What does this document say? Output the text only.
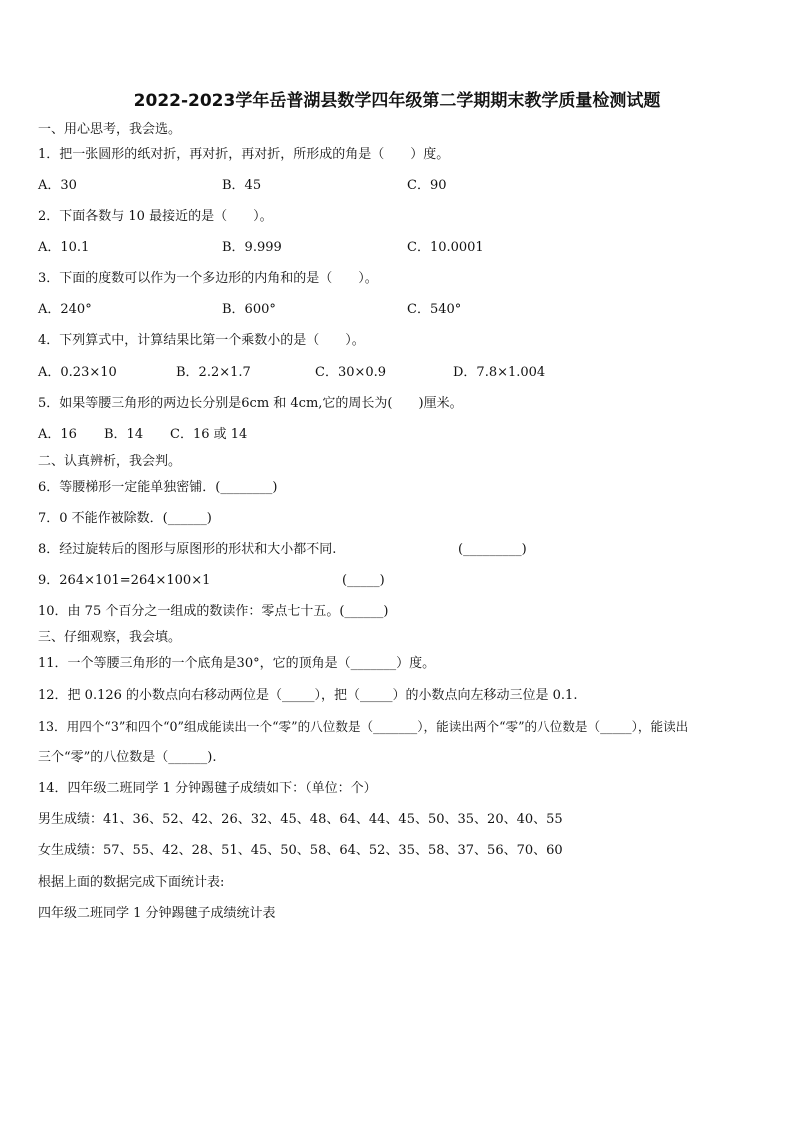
2022-2023学年岳普湖县数学四年级第二学期期末教学质量检测试题
一、用心思考，我会选。
1．把一张圆形的纸对折，再对折，再对折，所形成的角是（　　）度。
A．30	B．45	C．90
2．下面各数与 10 最接近的是（　　）。
A．10.1	B．9.999	C．10.0001
3．下面的度数可以作为一个多边形的内角和的是（　　）。
A．240°	B．600°	C．540°
4．下列算式中，计算结果比第一个乘数小的是（　　）。
A．0.23×10	B．2.2×1.7	C．30×0.9	D．7.8×1.004
5．如果等腰三角形的两边长分别是6cm 和 4cm,它的周长为(　　)厘米。
A．16 B．14 C．16 或 14
二、认真辨析，我会判。
6．等腰梯形一定能单独密铺．(________)
7．0 不能作被除数．(______)
8．经过旋转后的图形与原图形的形状和大小都不同.	(_________)
9．264×101=264×100×1	(_____)
10．由 75 个百分之一组成的数读作：零点七十五。(______)
三、仔细观察，我会填。
11．一个等腰三角形的一个底角是30°，它的顶角是（_______）度。
12．把 0.126 的小数点向右移动两位是（_____），把（_____）的小数点向左移动三位是 0.1.
13．用四个“3”和四个“0”组成能读出一个“零”的八位数是（_______），能读出两个“零”的八位数是（_____），能读出
三个“零”的八位数是（______).
14．四年级二班同学 1 分钟踢毽子成绩如下：（单位：个）
男生成绩：41、36、52、42、26、32、45、48、64、44、45、50、35、20、40、55
女生成绩：57、55、42、28、51、45、50、58、64、52、35、58、37、56、70、60
根据上面的数据完成下面统计表:
四年级二班同学 1 分钟踢毽子成绩统计表
